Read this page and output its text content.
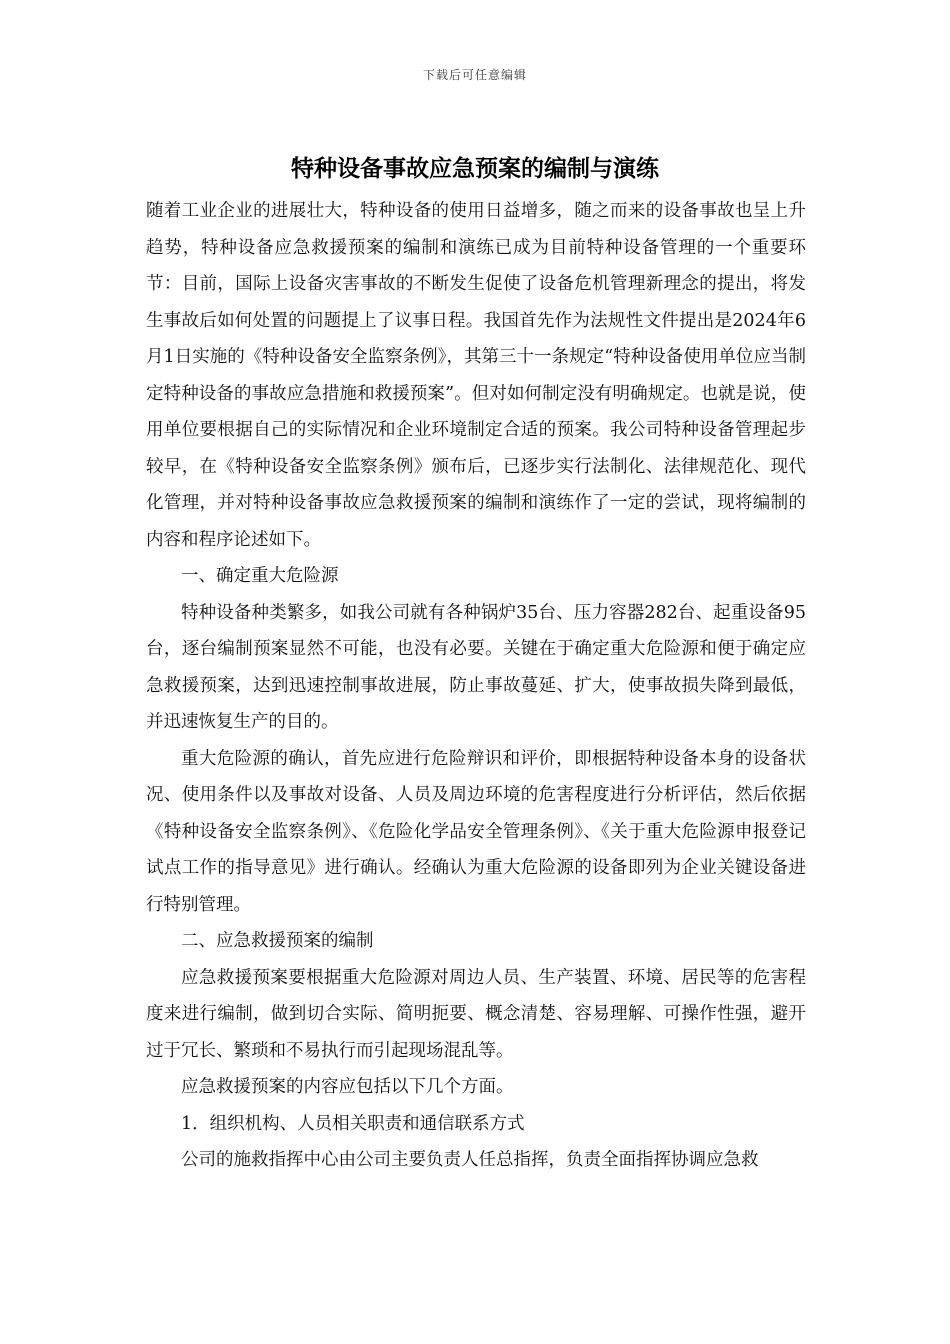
下载后可任意编辑
特种设备事故应急预案的编制与演练

随着工业企业的进展壮大，特种设备的使用日益增多，随之而来的设备事故也呈上升趋势，特种设备应急救援预案的编制和演练已成为目前特种设备管理的一个重要环节：目前，国际上设备灾害事故的不断发生促使了设备危机管理新理念的提出，将发生事故后如何处置的问题提上了议事日程。我国首先作为法规性文件提出是2024年6月1日实施的《特种设备安全监察条例》，其第三十一条规定“特种设备使用单位应当制定特种设备的事故应急措施和救援预案”。但对如何制定没有明确规定。也就是说，使用单位要根据自己的实际情况和企业环境制定合适的预案。我公司特种设备管理起步较早，在《特种设备安全监察条例》颁布后，已逐步实行法制化、法律规范化、现代化管理，并对特种设备事故应急救援预案的编制和演练作了一定的尝试，现将编制的内容和程序论述如下。

一、确定重大危险源

特种设备种类繁多，如我公司就有各种锅炉35台、压力容器282台、起重设备95台，逐台编制预案显然不可能，也没有必要。关键在于确定重大危险源和便于确定应急救援预案，达到迅速控制事故进展，防止事故蔓延、扩大，使事故损失降到最低，并迅速恢复生产的目的。

重大危险源的确认，首先应进行危险辩识和评价，即根据特种设备本身的设备状况、使用条件以及事故对设备、人员及周边环境的危害程度进行分析评估，然后依据《特种设备安全监察条例》、《危险化学品安全管理条例》、《关于重大危险源申报登记试点工作的指导意见》进行确认。经确认为重大危险源的设备即列为企业关键设备进行特别管理。

二、应急救援预案的编制

应急救援预案要根据重大危险源对周边人员、生产装置、环境、居民等的危害程度来进行编制，做到切合实际、简明扼要、概念清楚、容易理解、可操作性强，避开过于冗长、繁琐和不易执行而引起现场混乱等。

应急救援预案的内容应包括以下几个方面。

1．组织机构、人员相关职责和通信联系方式

公司的施救指挥中心由公司主要负责人任总指挥，负责全面指挥协调应急救
